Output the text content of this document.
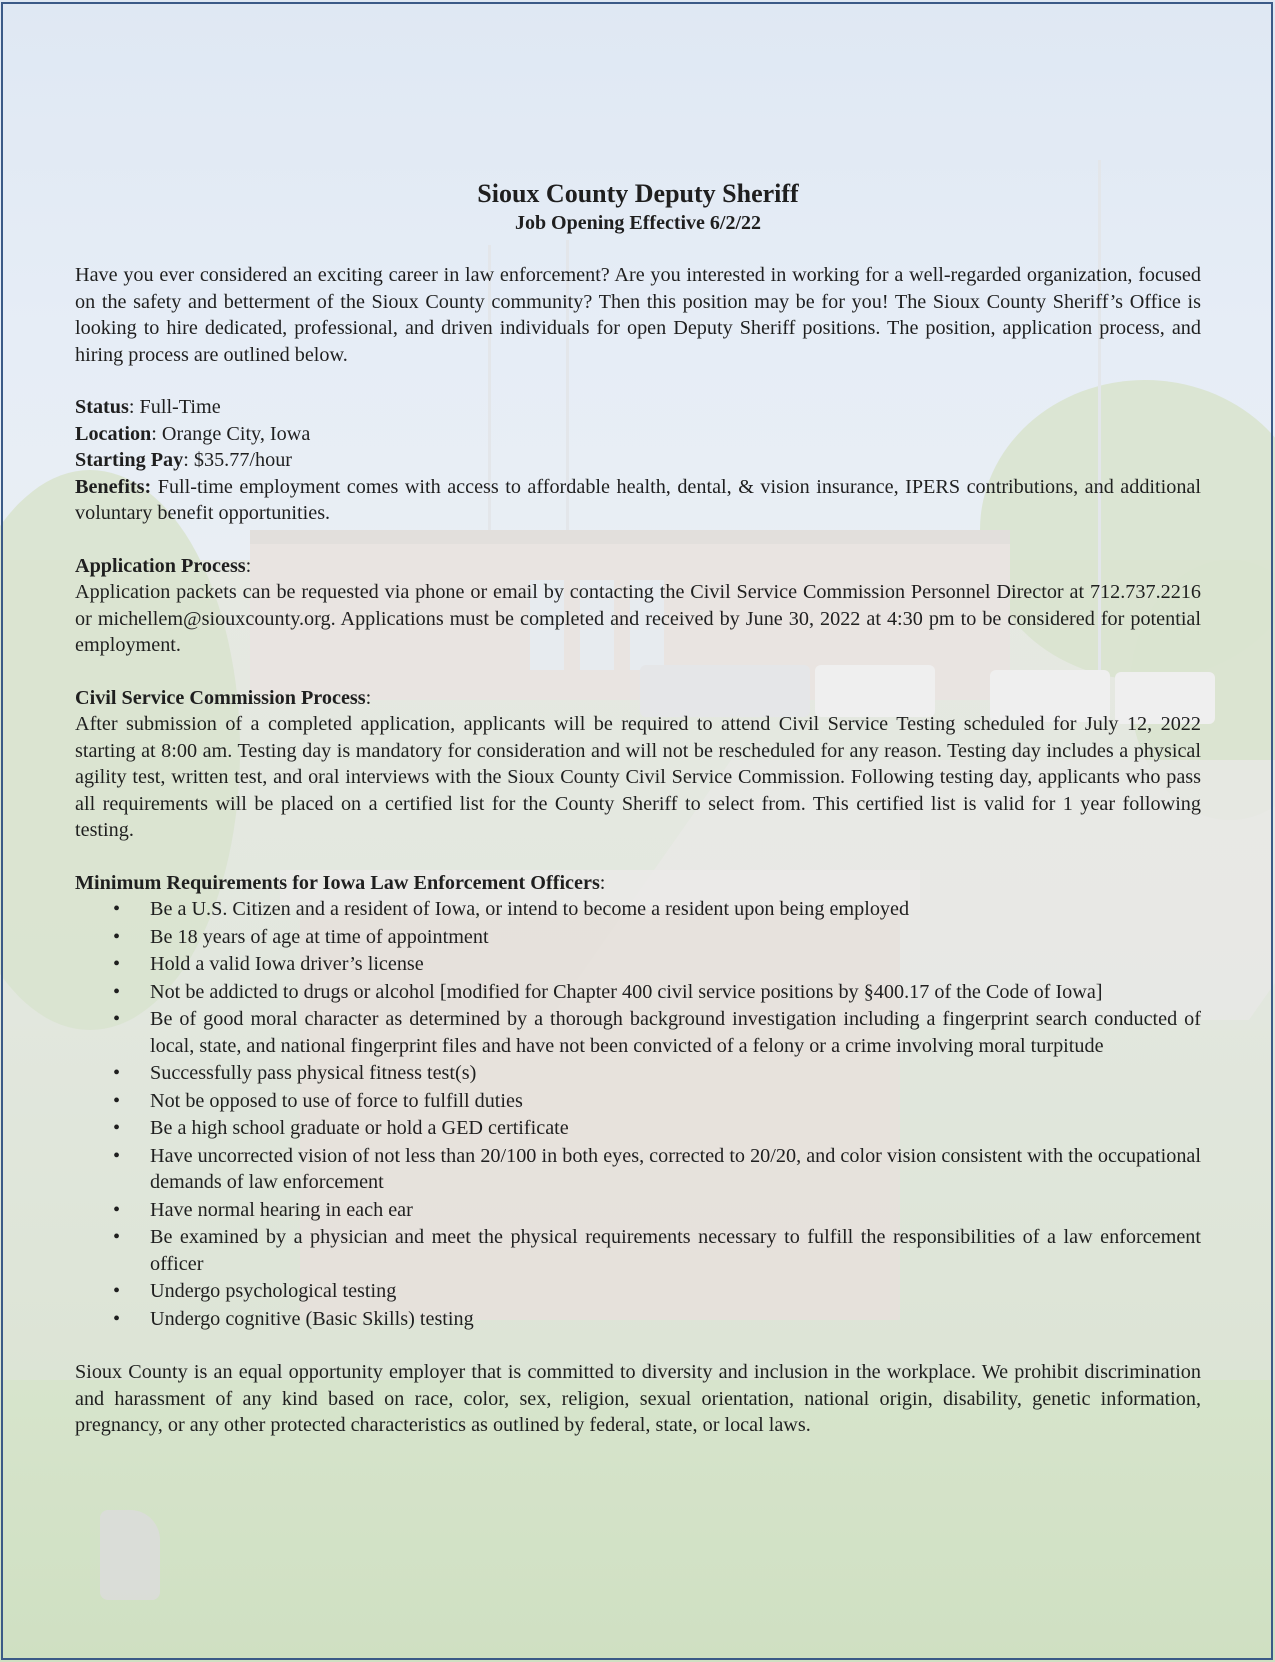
Sioux County Deputy Sheriff
Job Opening Effective 6/2/22

Have you ever considered an exciting career in law enforcement? Are you interested in working for a well-regarded organization, focused on the safety and betterment of the Sioux County community? Then this position may be for you! The Sioux County Sheriff’s Office is looking to hire dedicated, professional, and driven individuals for open Deputy Sheriff positions. The position, application process, and hiring process are outlined below.

Status: Full-Time

Location: Orange City, Iowa

Starting Pay: $35.77/hour

Benefits: Full-time employment comes with access to affordable health, dental, & vision insurance, IPERS contributions, and additional voluntary benefit opportunities.

Application Process:

Application packets can be requested via phone or email by contacting the Civil Service Commission Personnel Director at 712.737.2216 or michellem@siouxcounty.org. Applications must be completed and received by June 30, 2022 at 4:30 pm to be considered for potential employment.

Civil Service Commission Process:

After submission of a completed application, applicants will be required to attend Civil Service Testing scheduled for July 12, 2022 starting at 8:00 am. Testing day is mandatory for consideration and will not be rescheduled for any reason. Testing day includes a physical agility test, written test, and oral interviews with the Sioux County Civil Service Commission. Following testing day, applicants who pass all requirements will be placed on a certified list for the County Sheriff to select from. This certified list is valid for 1 year following testing.

Minimum Requirements for Iowa Law Enforcement Officers:

• Be a U.S. Citizen and a resident of Iowa, or intend to become a resident upon being employed
• Be 18 years of age at time of appointment
• Hold a valid Iowa driver’s license
• Not be addicted to drugs or alcohol [modified for Chapter 400 civil service positions by §400.17 of the Code of Iowa]
• Be of good moral character as determined by a thorough background investigation including a fingerprint search conducted of local, state, and national fingerprint files and have not been convicted of a felony or a crime involving moral turpitude
• Successfully pass physical fitness test(s)
• Not be opposed to use of force to fulfill duties
• Be a high school graduate or hold a GED certificate
• Have uncorrected vision of not less than 20/100 in both eyes, corrected to 20/20, and color vision consistent with the occupational demands of law enforcement
• Have normal hearing in each ear
• Be examined by a physician and meet the physical requirements necessary to fulfill the responsibilities of a law enforcement officer
• Undergo psychological testing
• Undergo cognitive (Basic Skills) testing

Sioux County is an equal opportunity employer that is committed to diversity and inclusion in the workplace. We prohibit discrimination and harassment of any kind based on race, color, sex, religion, sexual orientation, national origin, disability, genetic information, pregnancy, or any other protected characteristics as outlined by federal, state, or local laws.
